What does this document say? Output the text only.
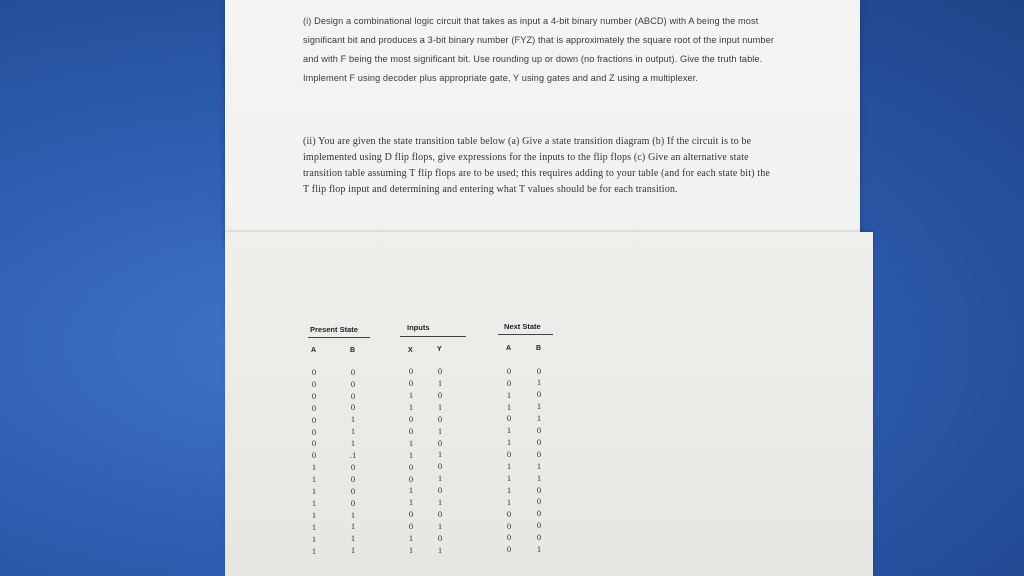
(i) Design a combinational logic circuit that takes as input a 4-bit binary number (ABCD) with A being the most significant bit and produces a 3-bit binary number (FYZ) that is approximately the square root of the input number and with F being the most significant bit. Use rounding up or down (no fractions in output). Give the truth table. Implement F using decoder plus appropriate gate, Y using gates and and Z using a multiplexer.
(ii) You are given the state transition table below (a) Give a state transition diagram (b) If the circuit is to be implemented using D flip flops, give expressions for the inputs to the flip flops (c) Give an alternative state transition table assuming T flip flops are to be used; this requires adding to your table (and for each state bit) the T flip flop input and determining and entering what T values should be for each transition.
Present State	Inputs	Next State
A	B	X	Y	A	B
0	0	0	0	0	0
0	0	0	1	0	1
0	0	1	0	1	0
0	0	1	1	1	1
0	1	0	0	0	1
0	1	0	1	1	0
0	1	1	0	1	0
0	.1	1	1	0	0
1	0	0	0	1	1
1	0	0	1	1	1
1	0	1	0	1	0
1	0	1	1	1	0
1	1	0	0	0	0
1	1	0	1	0	0
1	1	1	0	0	0
1	1	1	1	0	1
